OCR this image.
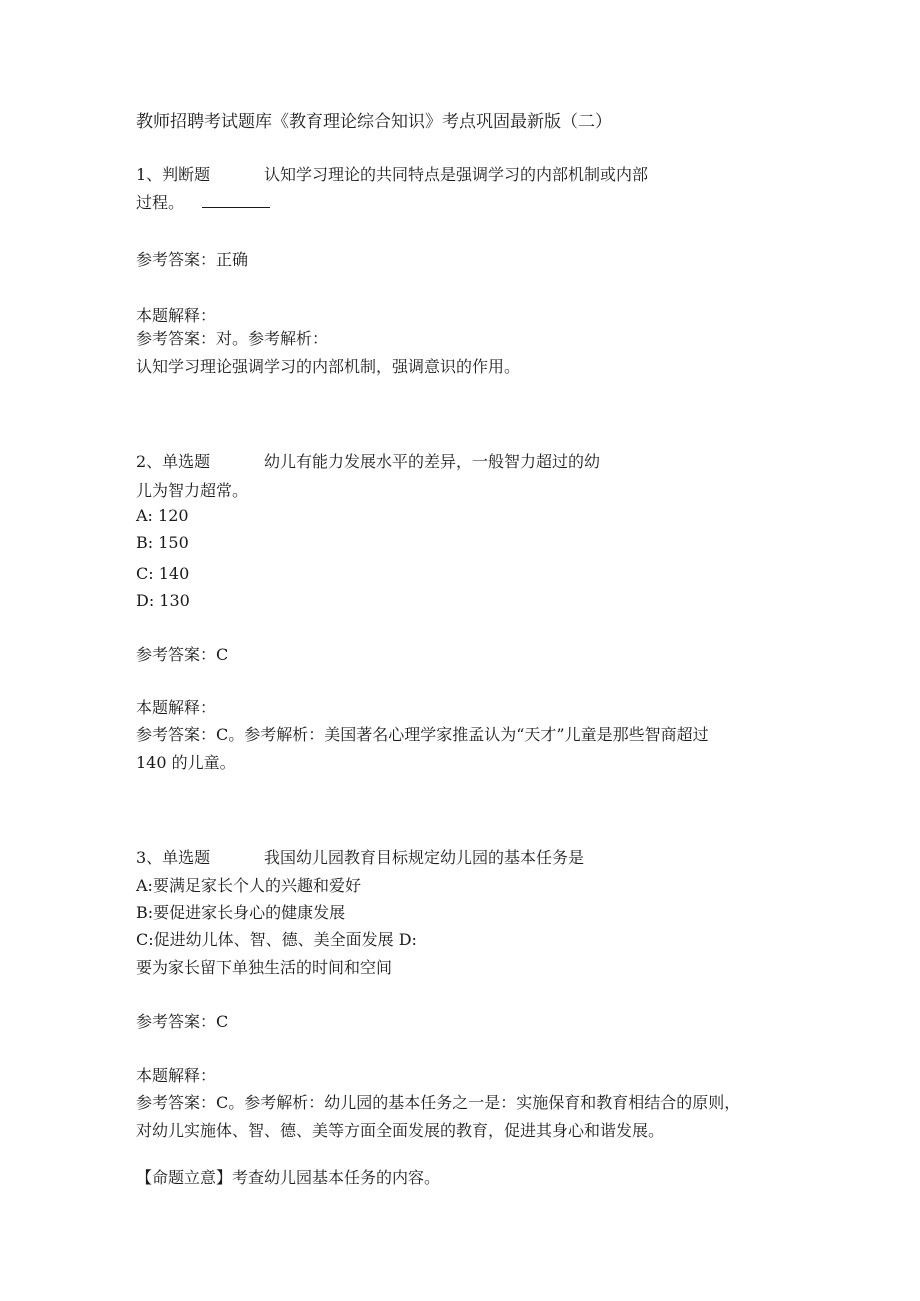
教师招聘考试题库《教育理论综合知识》考点巩固最新版（二）
1、判断题	认知学习理论的共同特点是强调学习的内部机制或内部
过程。
参考答案：正确
本题解释：
参考答案：对。参考解析：
认知学习理论强调学习的内部机制，强调意识的作用。
2、单选题	幼儿有能力发展水平的差异，一般智力超过的幼
儿为智力超常。
A: 120
B: 150
C: 140
D: 130
参考答案：C
本题解释：
参考答案：C。参考解析：美国著名心理学家推孟认为“天才”儿童是那些智商超过
140 的儿童。
3、单选题	我国幼儿园教育目标规定幼儿园的基本任务是
A:要满足家长个人的兴趣和爱好
B:要促进家长身心的健康发展
C:促进幼儿体、智、德、美全面发展 D:
要为家长留下单独生活的时间和空间
参考答案：C
本题解释：
参考答案：C。参考解析：幼儿园的基本任务之一是：实施保育和教育相结合的原则，
对幼儿实施体、智、德、美等方面全面发展的教育，促进其身心和谐发展。
【命题立意】考查幼儿园基本任务的内容。
